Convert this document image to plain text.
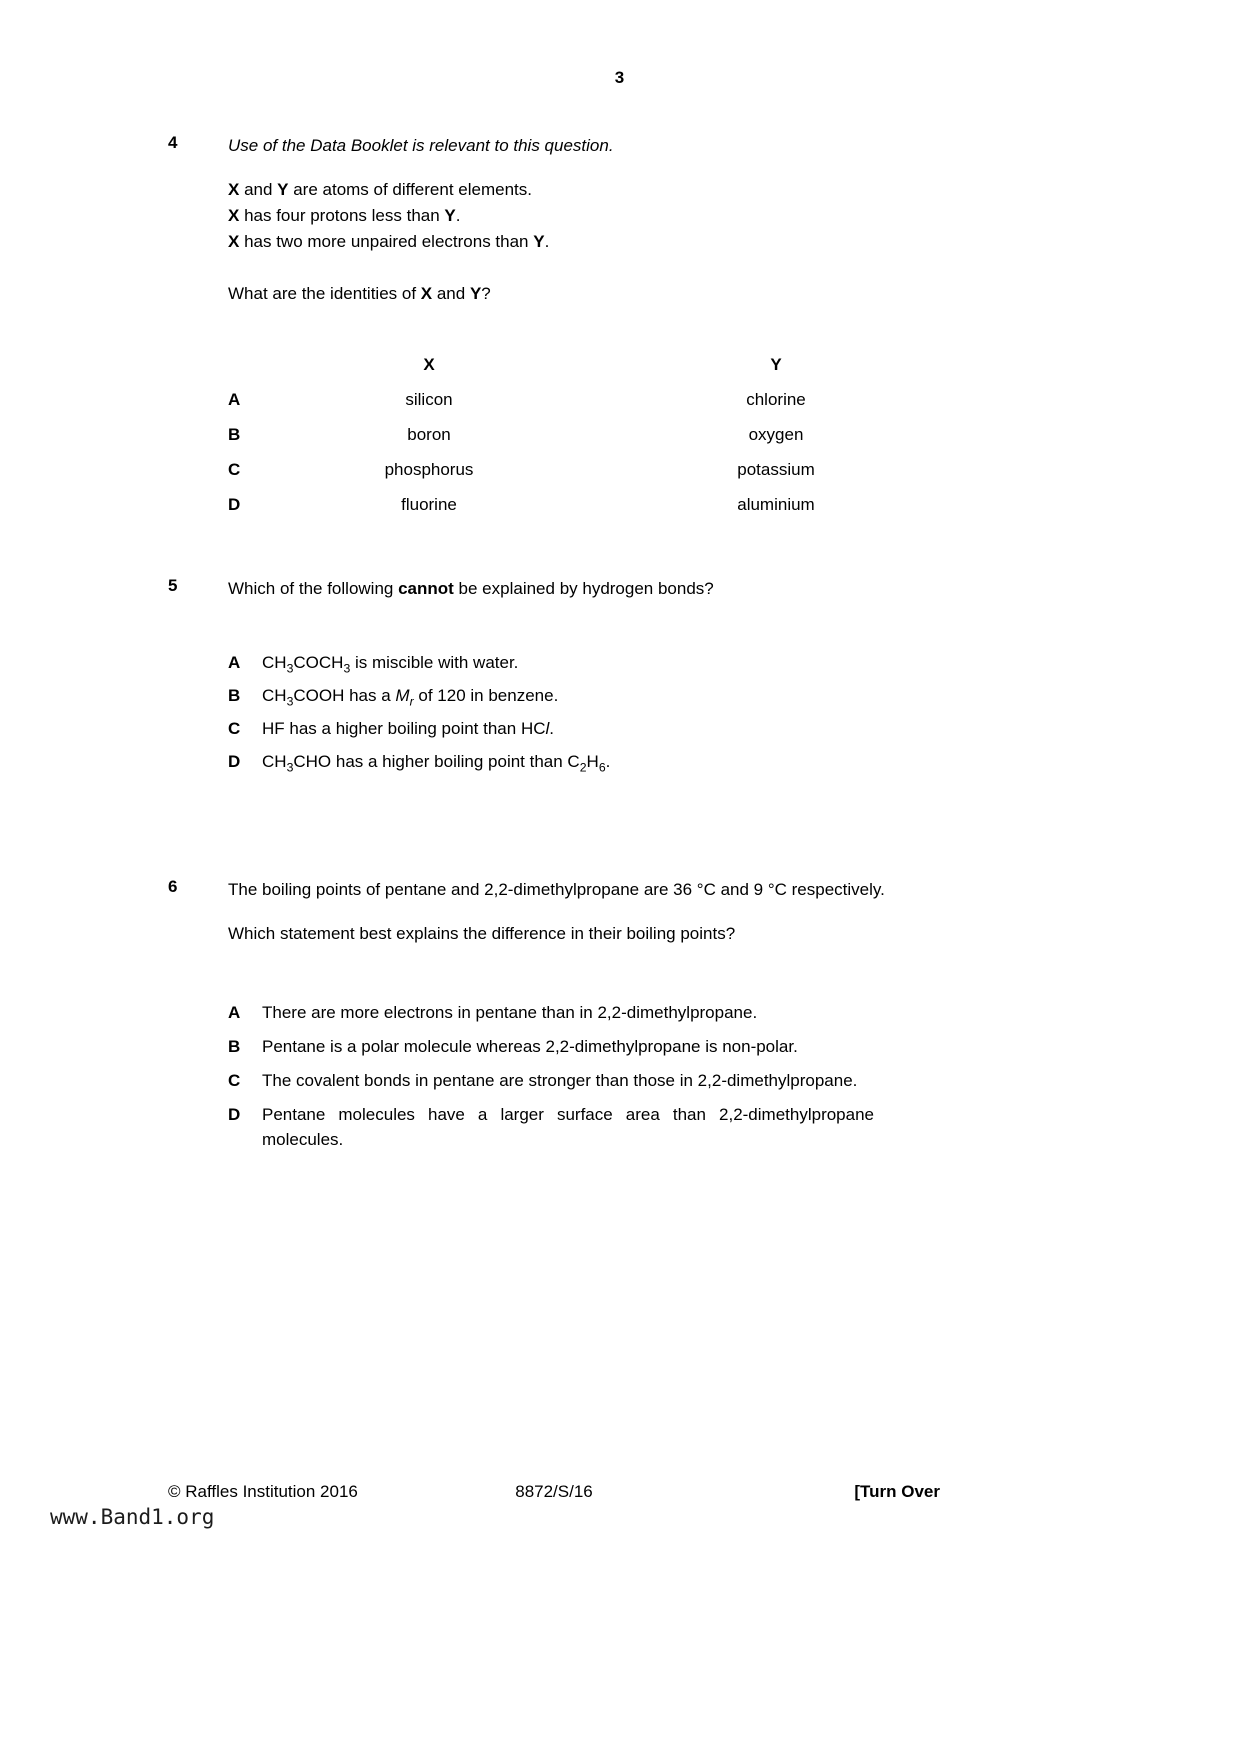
3
4	Use of the Data Booklet is relevant to this question.
X and Y are atoms of different elements.
X has four protons less than Y.
X has two more unpaired electrons than Y.
What are the identities of X and Y?
X	Y
A	silicon	chlorine
B	boron	oxygen
C	phosphorus	potassium
D	fluorine	aluminium
5	Which of the following cannot be explained by hydrogen bonds?
A	$CH_3COCH_3$ is miscible with water.
B	$CH_3COOH$ has a $M_r$ of 120 in benzene.
C	HF has a higher boiling point than HCl.
D	$CH_3CHO$ has a higher boiling point than $C_2H_6$.
6	The boiling points of pentane and 2,2-dimethylpropane are 36 °C and 9 °C respectively.
Which statement best explains the difference in their boiling points?
A	There are more electrons in pentane than in 2,2-dimethylpropane.
B	Pentane is a polar molecule whereas 2,2-dimethylpropane is non-polar.
C	The covalent bonds in pentane are stronger than those in 2,2-dimethylpropane.
D	Pentane molecules have a larger surface area than 2,2-dimethylpropane molecules.
© Raffles Institution 2016	8872/S/16	[Turn Over
www.Band1.org
